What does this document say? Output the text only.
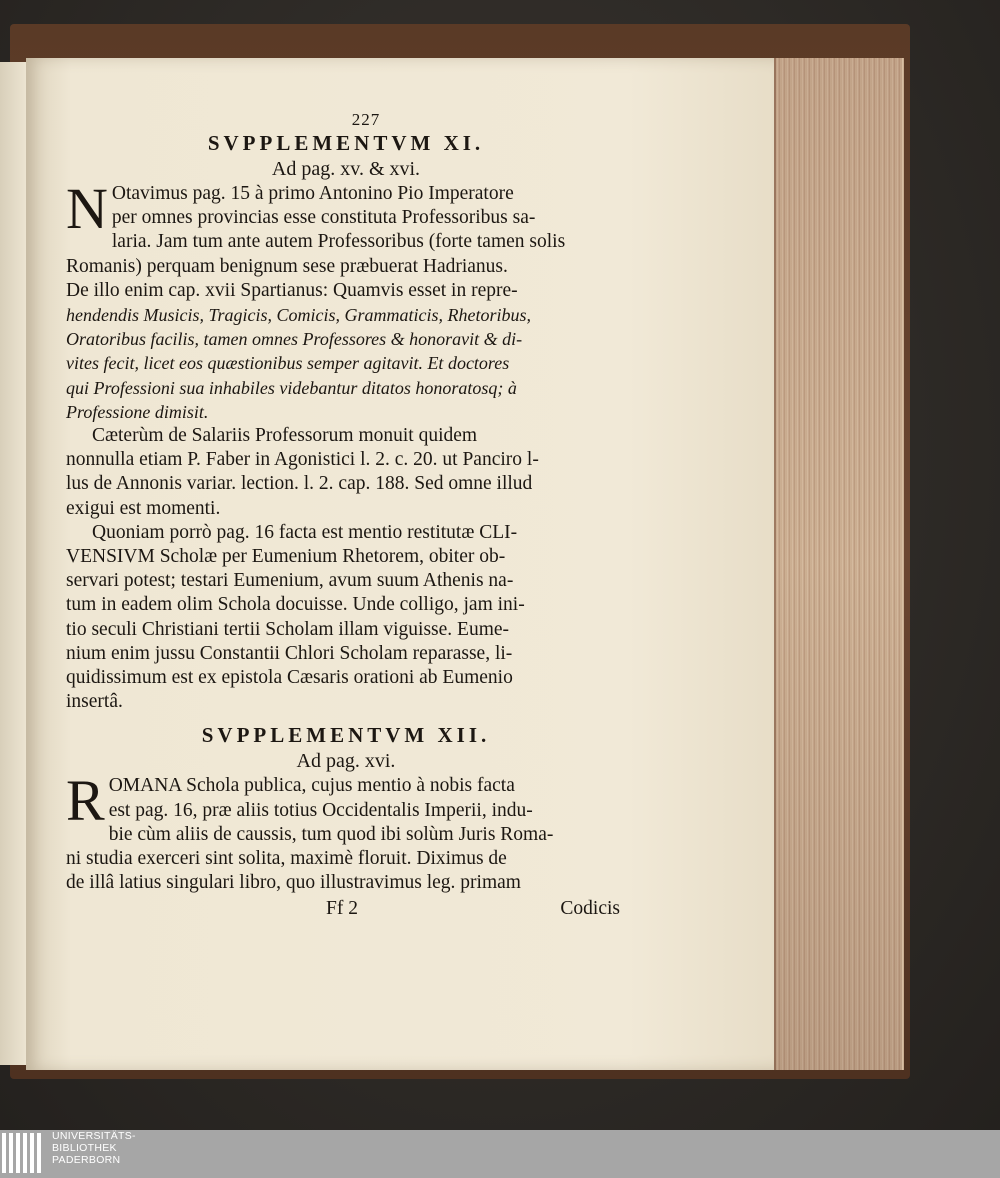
227
SVPPLEMENTVM XI.
Ad pag. xv. & xvi.
N Otavimus pag. 15 à primo Antonino Pio Imperatore

per omnes provincias esse constituta Professoribus sa-

laria. Jam tum ante autem Professoribus (forte tamen solis

Romanis) perquam benignum sese præbuerat Hadrianus.

De illo enim cap. xvii Spartianus: Quamvis esset in repre-

hendendis Musicis, Tragicis, Comicis, Grammaticis, Rhetoribus,

Oratoribus facilis, tamen omnes Professores & honoravit & di-

vites fecit, licet eos quæstionibus semper agitavit. Et doctores

qui Professioni sua inhabiles videbantur ditatos honoratosq; à

Professione dimisit.

Cæterùm de Salariis Professorum monuit quidem

nonnulla etiam P. Faber in Agonistici l. 2. c. 20. ut Panciro l-

lus de Annonis variar. lection. l. 2. cap. 188. Sed omne illud

exigui est momenti.

Quoniam porrò pag. 16 facta est mentio restitutæ CLI-

VENSIVM Scholæ per Eumenium Rhetorem, obiter ob-

servari potest; testari Eumenium, avum suum Athenis na-

tum in eadem olim Schola docuisse. Unde colligo, jam ini-

tio seculi Christiani tertii Scholam illam viguisse. Eume-

nium enim jussu Constantii Chlori Scholam reparasse, li-

quidissimum est ex epistola Cæsaris orationi ab Eumenio

insertâ.

SVPPLEMENTVM XII.
Ad pag. xvi.
R OMANA Schola publica, cujus mentio à nobis facta

est pag. 16, præ aliis totius Occidentalis Imperii, indu-

bie cùm aliis de caussis, tum quod ibi solùm Juris Roma-

ni studia exerceri sint solita, maximè floruit. Diximus de

de illâ latius singulari libro, quo illustravimus leg. primam

Ff 2	Codicis
UNIVERSITÄTS-
BIBLIOTHEK
PADERBORN
